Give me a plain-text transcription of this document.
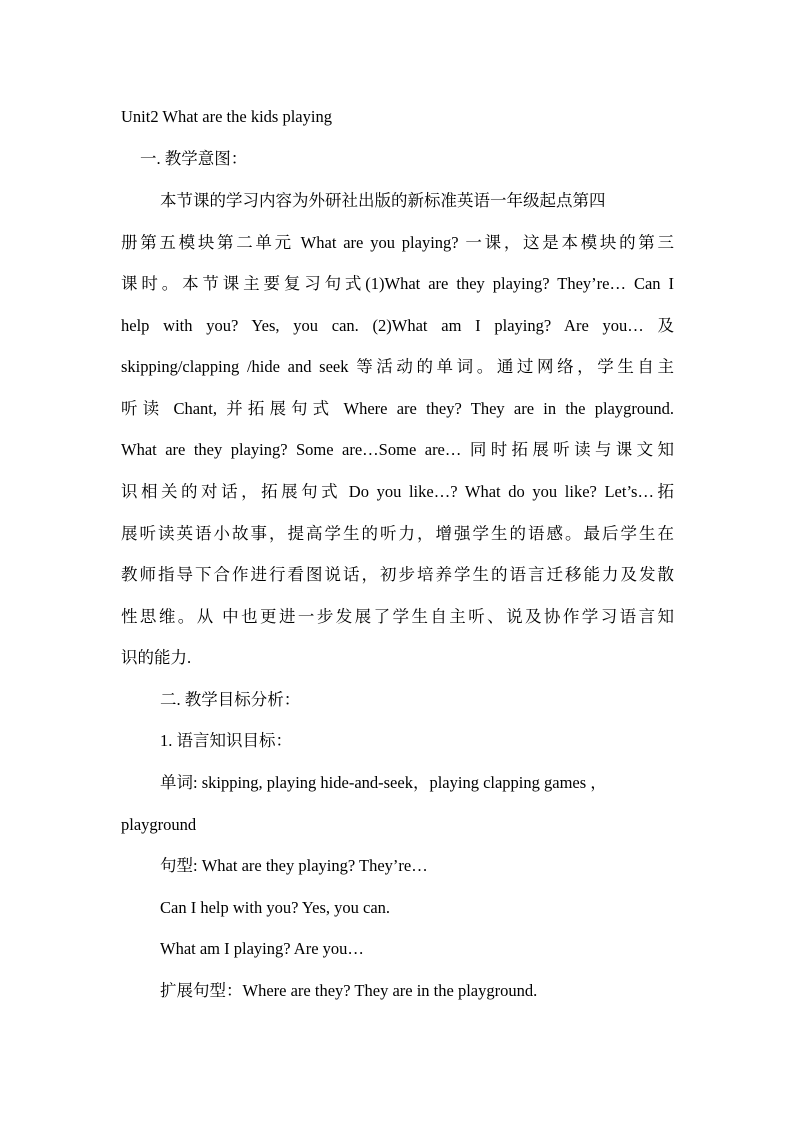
Unit2 What are the kids playing
一. 教学意图：
本节课的学习内容为外研社出版的新标准英语一年级起点第四
册第五模块第二单元 What are you playing? 一课，这是本模块的第三
课时。本节课主要复习句式(1)What are they playing? They’re… Can I
help with you? Yes, you can. (2)What am I playing? Are you… 及
skipping/clapping /hide and seek 等活动的单词。通过网络，学生自主
听读 Chant, 并拓展句式 Where are they? They are in the playground.
What are they playing? Some are…Some are… 同时拓展听读与课文知
识相关的对话，拓展句式 Do you like…? What do you like? Let’s…拓
展听读英语小故事，提高学生的听力，增强学生的语感。最后学生在
教师指导下合作进行看图说话，初步培养学生的语言迁移能力及发散
性思维。从 中也更进一步发展了学生自主听、说及协作学习语言知
识的能力.
二. 教学目标分析：
1. 语言知识目标：
单词: skipping, playing hide-and-seek，playing clapping games ，
playground
句型: What are they playing? They’re…
Can I help with you? Yes, you can.
What am I playing? Are you…
扩展句型：Where are they? They are in the playground.
